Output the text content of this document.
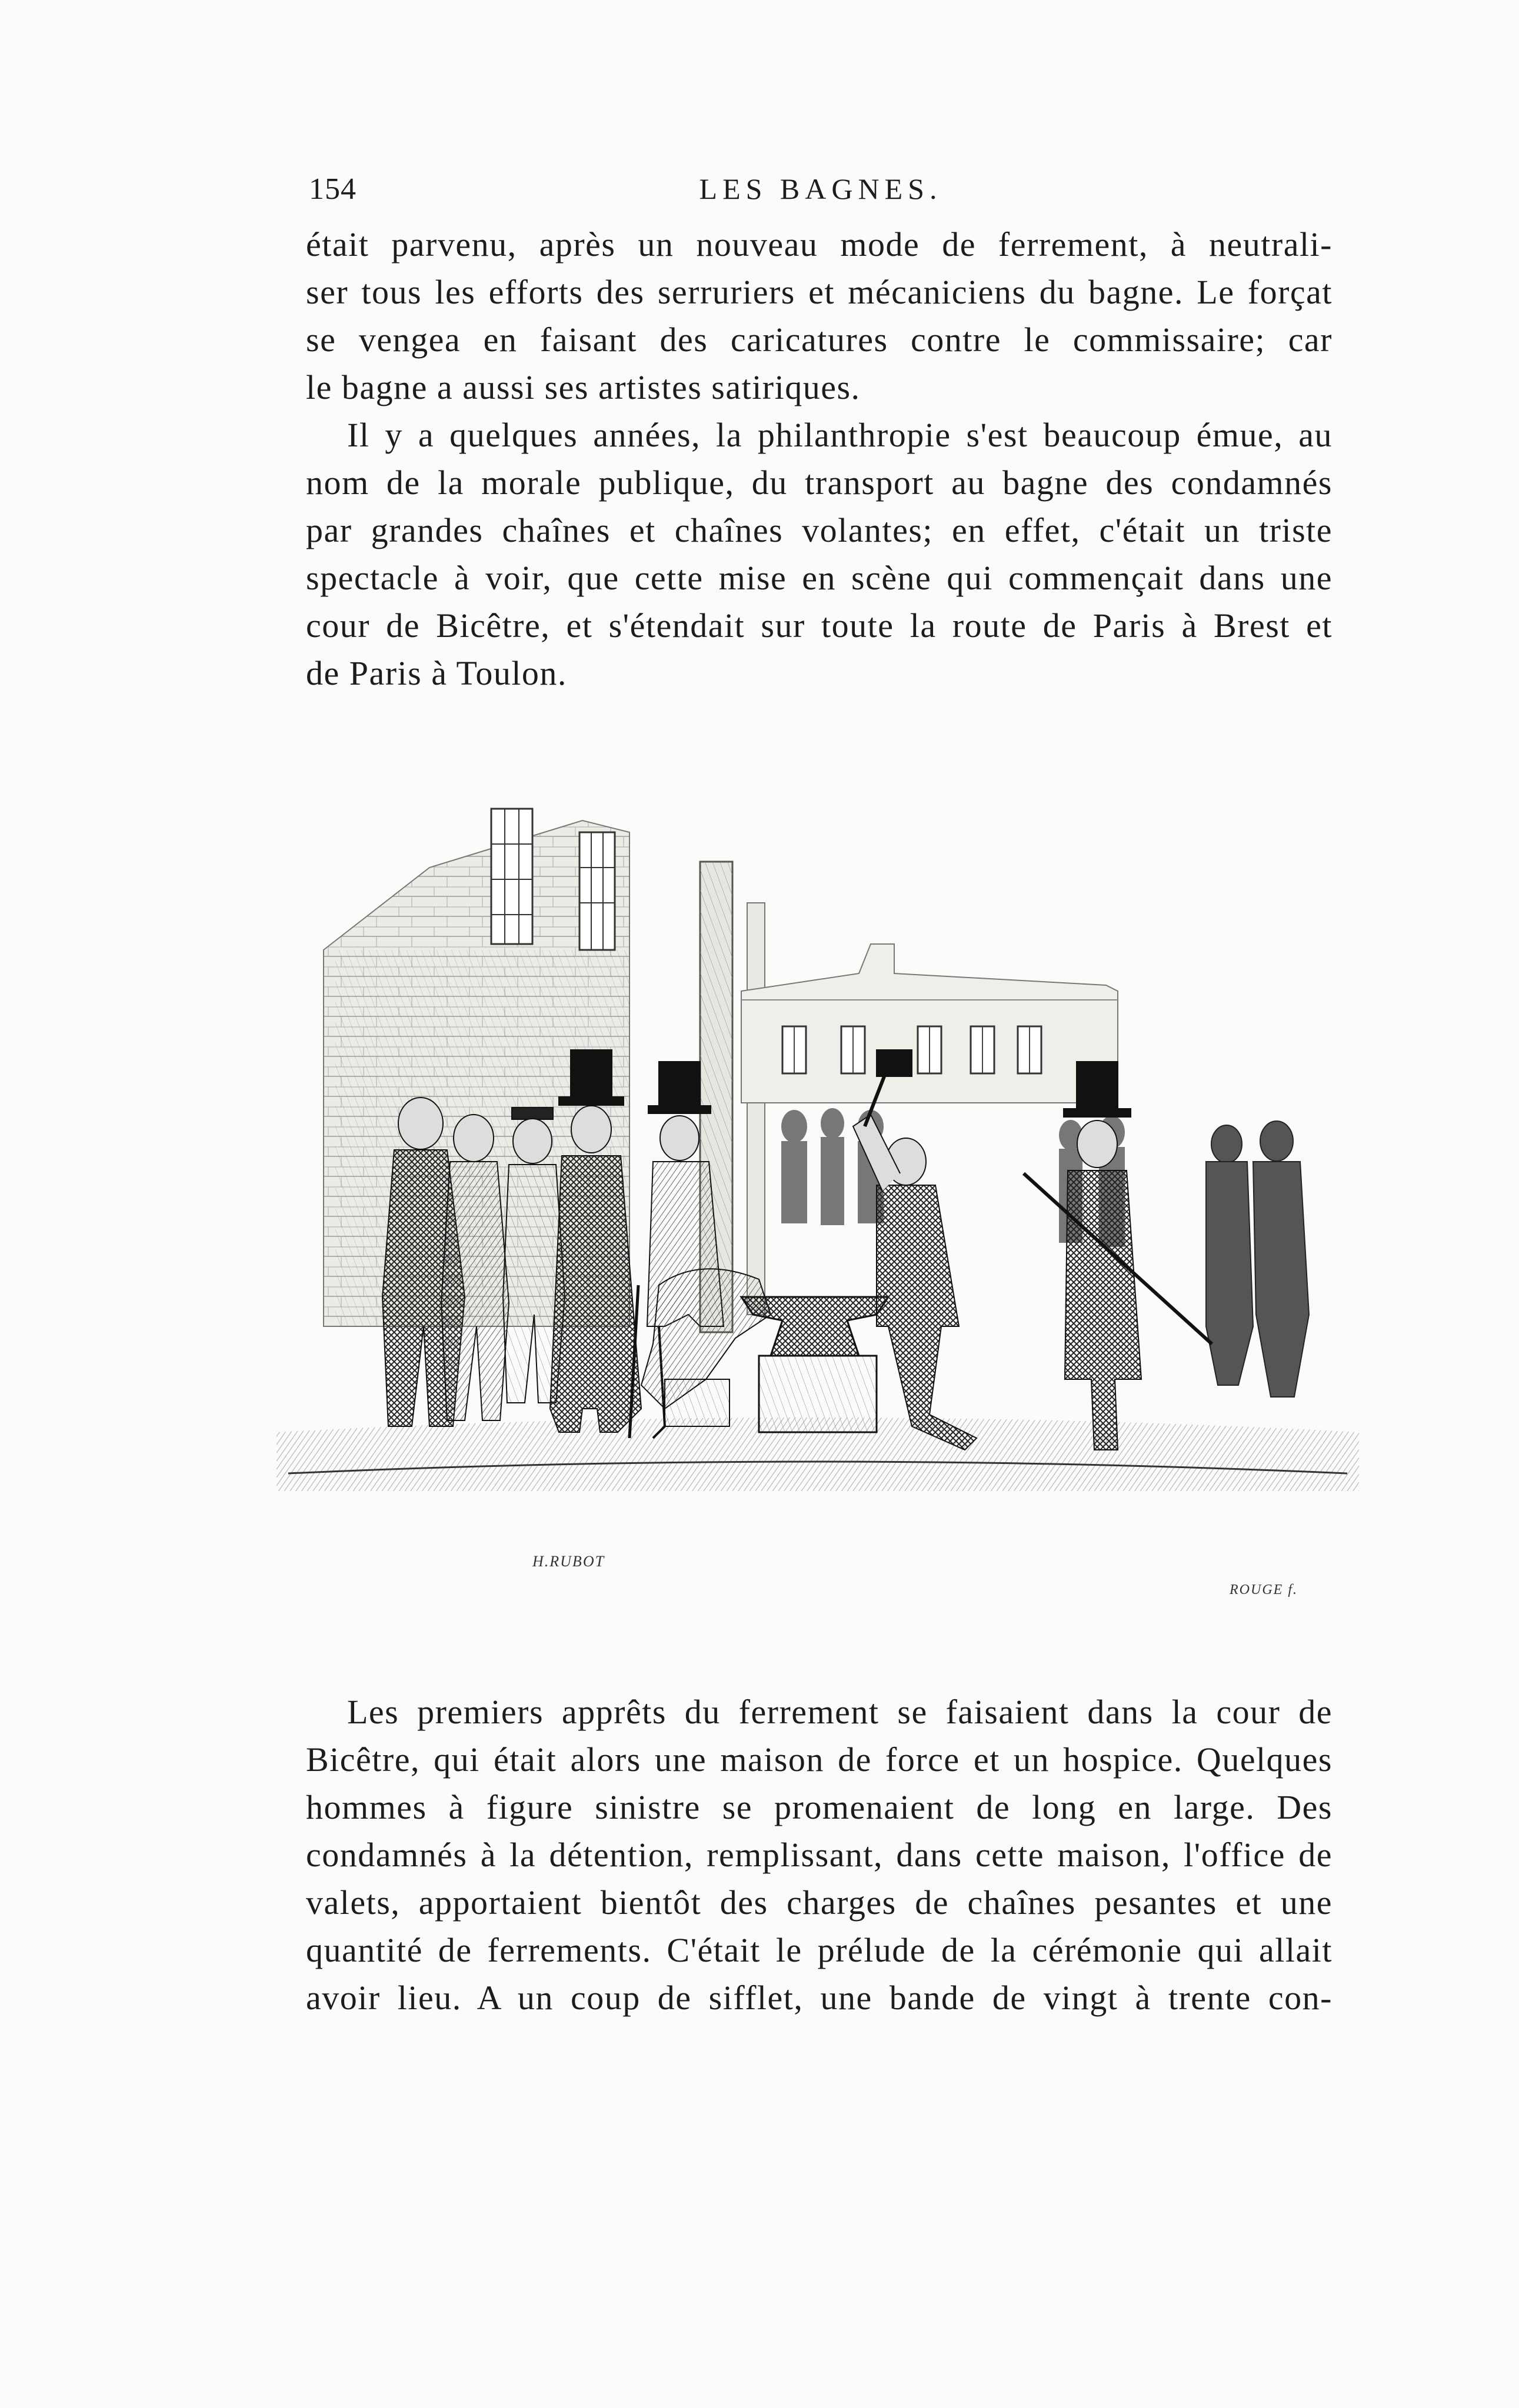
154	LES BAGNES.
était parvenu, après un nouveau mode de ferrement, à neutrali-
ser tous les efforts des serruriers et mécaniciens du bagne. Le forçat
se vengea en faisant des caricatures contre le commissaire; car
le bagne a aussi ses artistes satiriques.
Il y a quelques années, la philanthropie s'est beaucoup émue, au
nom de la morale publique, du transport au bagne des condamnés
par grandes chaînes et chaînes volantes; en effet, c'était un triste
spectacle à voir, que cette mise en scène qui commençait dans une
cour de Bicêtre, et s'étendait sur toute la route de Paris à Brest et
de Paris à Toulon.
H.RUBOT
ROUGE f.
Les premiers apprêts du ferrement se faisaient dans la cour de
Bicêtre, qui était alors une maison de force et un hospice. Quelques
hommes à figure sinistre se promenaient de long en large. Des
condamnés à la détention, remplissant, dans cette maison, l'office de
valets, apportaient bientôt des charges de chaînes pesantes et une
quantité de ferrements. C'était le prélude de la cérémonie qui allait
avoir lieu. A un coup de sifflet, une bande de vingt à trente con-
